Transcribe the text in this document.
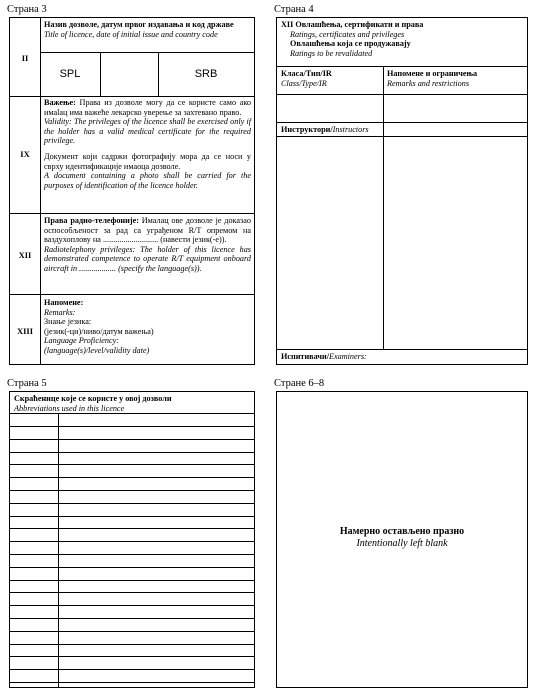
Страна 3
II
Назив дозволе, датум првог издавања и код државе
Title of licence, date of initial issue and country code
SPL	SRB
IX
Важење: Права из дозволе могу да се користе само ако имаlaц има важеће лекарско уверење за захтевано право.
Validity: The privileges of the licence shall be exercised only if the holder has a valid medical certificate for the required privilege.
Документ који садржи фотографију мора да се носи у сврху идентификације имаоца дозволе.
A document containing a photo shall be carried for the purposes of identification of the licence holder.
XII
Права радио-телефоније: Ималац ове дозволе је доказао оспособљеност за рад са уграђеном R/T опремом на ваздухоплову на ........................... (навести језик(-е)).
Radiotelephony privileges: The holder of this licence has demonstrated competence to operate R/T equipment onboard aircraft in .................. (specify the language(s)).
XIII
Напомене:
Remarks:
Знање језика:
(језик(-ци)/ниво/датум важења)
Language Proficiency:
(language(s)/level/validity date)
Страна 4
XII Овлашћења, сертификати и права
Ratings, certificates and privileges
Овлашћења која се продужавају
Ratings to be revalidated
Класа/Тип/IR
Class/Type/IR
Напомене и ограничења
Remarks and restrictions
Инструктори/Instructors
Испитивачи/Examiners:
Страна 5
Скраћенице које се користе у овој дозволи
Abbreviations used in this licence
Стране 6–8
Намерно остављено празно
Intentionally left blank
